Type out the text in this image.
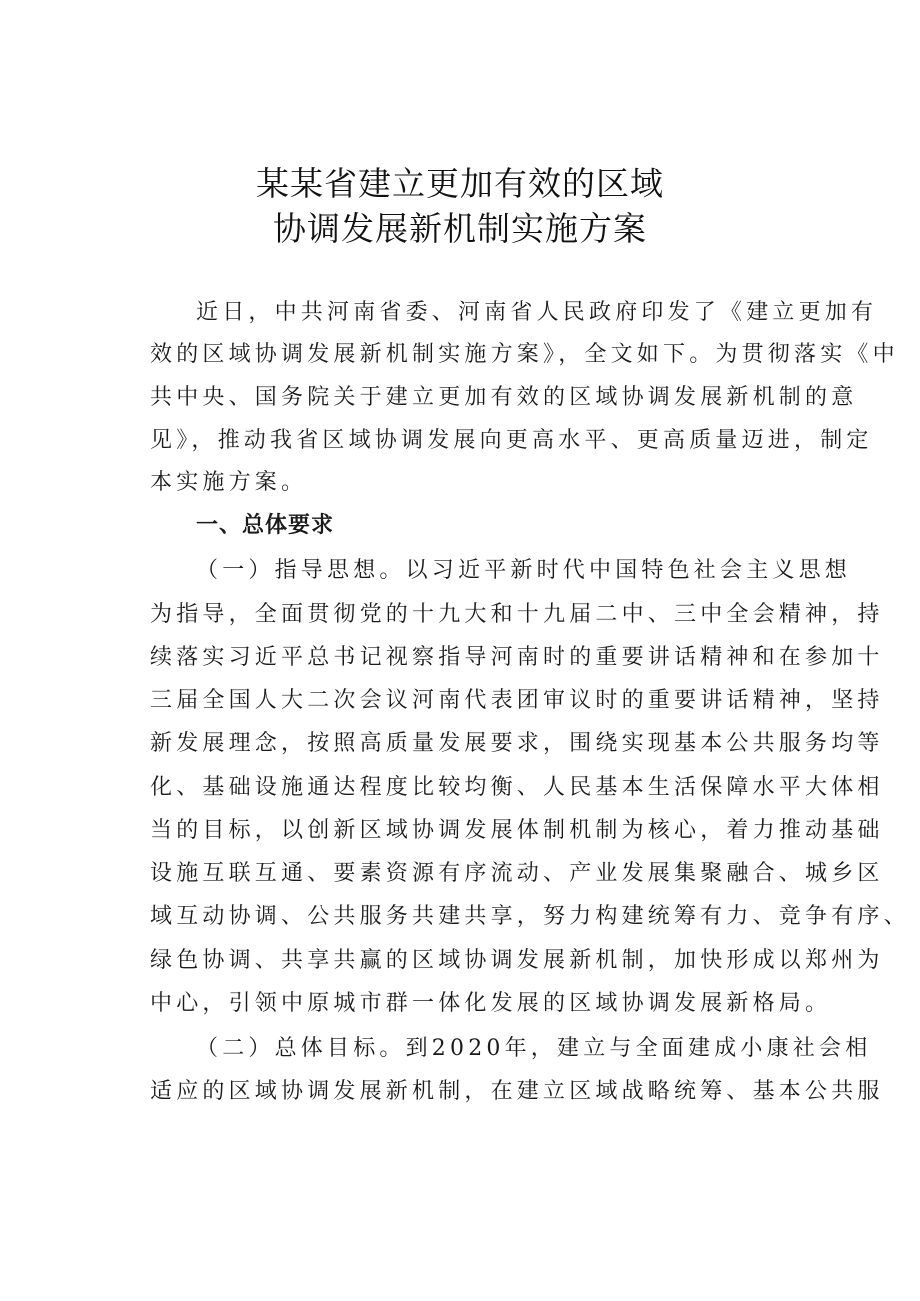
某某省建立更加有效的区域
协调发展新机制实施方案
近日，中共河南省委、河南省人民政府印发了《建立更加有
效的区域协调发展新机制实施方案》，全文如下。为贯彻落实《中
共中央、国务院关于建立更加有效的区域协调发展新机制的意
见》，推动我省区域协调发展向更高水平、更高质量迈进，制定
本实施方案。
一、总体要求
（一）指导思想。以习近平新时代中国特色社会主义思想
为指导，全面贯彻党的十九大和十九届二中、三中全会精神，持
续落实习近平总书记视察指导河南时的重要讲话精神和在参加十
三届全国人大二次会议河南代表团审议时的重要讲话精神，坚持
新发展理念，按照高质量发展要求，围绕实现基本公共服务均等
化、基础设施通达程度比较均衡、人民基本生活保障水平大体相
当的目标，以创新区域协调发展体制机制为核心，着力推动基础
设施互联互通、要素资源有序流动、产业发展集聚融合、城乡区
域互动协调、公共服务共建共享，努力构建统筹有力、竞争有序、
绿色协调、共享共赢的区域协调发展新机制，加快形成以郑州为
中心，引领中原城市群一体化发展的区域协调发展新格局。
（二）总体目标。到2020年，建立与全面建成小康社会相
适应的区域协调发展新机制，在建立区域战略统筹、基本公共服
